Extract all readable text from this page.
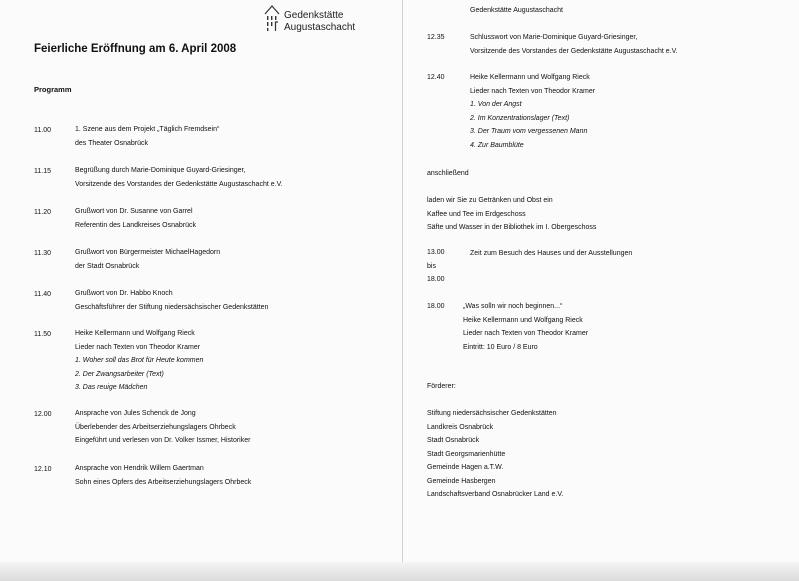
Gedenkstätte
Augustaschacht
Feierliche Eröffnung am 6. April 2008
Programm
11.00	1. Szene aus dem Projekt „Täglich Fremdsein“
des Theater Osnabrück
11.15	Begrüßung durch Marie-Dominique Guyard-Griesinger,
Vorsitzende des Vorstandes der Gedenkstätte Augustaschacht e.V.
11.20	Grußwort von Dr. Susanne von Garrel
Referentin des Landkreises Osnabrück
11.30	Grußwort von Bürgermeister MichaelHagedorn
der Stadt Osnabrück
11.40	Grußwort von Dr. Habbo Knoch
Geschäftsführer der Stiftung niedersächsischer Gedenkstätten
11.50	Heike Kellermann und Wolfgang Rieck
Lieder nach Texten von Theodor Kramer
1. Woher soll das Brot für Heute kommen
2. Der Zwangsarbeiter (Text)
3. Das reuige Mädchen
12.00	Ansprache von Jules Schenck de Jong
Überlebender des Arbeitserziehungslagers Ohrbeck
Eingeführt und verlesen von Dr. Volker Issmer, Historiker
12.10	Ansprache von Hendrik Willem Gaertman
Sohn eines Opfers des Arbeitserziehungslagers Ohrbeck
Gedenkstätte Augustaschacht
12.35	Schlusswort von Marie-Dominique Guyard-Griesinger,
Vorsitzende des Vorstandes der Gedenkstätte Augustaschacht e.V.
12.40	Heike Kellermann und Wolfgang Rieck
Lieder nach Texten von Theodor Kramer
1. Von der Angst
2. Im Konzentrationslager (Text)
3. Der Traum vom vergessenen Mann
4. Zur Baumblüte
anschließend
laden wir Sie zu Getränken und Obst ein
Kaffee und Tee im Erdgeschoss
Säfte und Wasser in der Bibliothek im I. Obergeschoss
13.00	Zeit zum Besuch des Hauses und der Ausstellungen
bis
18.00
18.00	„Was solln wir noch beginnen...“
Heike Kellermann und Wolfgang Rieck
Lieder nach Texten von Theodor Kramer
Eintritt: 10 Euro / 8 Euro
Förderer:
Stiftung niedersächsischer Gedenkstätten
Landkreis Osnabrück
Stadt Osnabrück
Stadt Georgsmarienhütte
Gemeinde Hagen a.T.W.
Gemeinde Hasbergen
Landschaftsverband Osnabrücker Land e.V.
